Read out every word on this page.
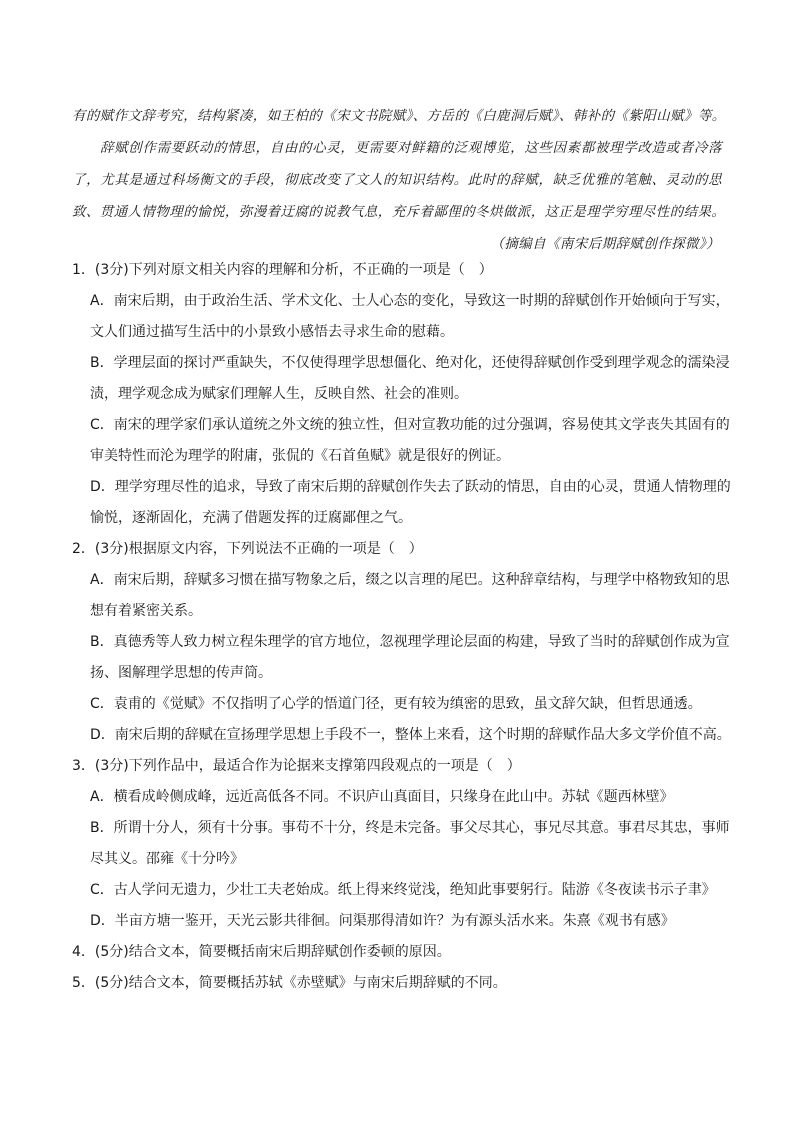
有的赋作文辞考究，结构紧凑，如王柏的《宋文书院赋》、方岳的《白鹿洞后赋》、韩补的《紫阳山赋》等。
辞赋创作需要跃动的情思，自由的心灵，更需要对鲜籍的泛观博览，这些因素都被理学改造或者冷落
了，尤其是通过科场衡文的手段，彻底改变了文人的知识结构。此时的辞赋，缺乏优雅的笔触、灵动的思
致、贯通人情物理的愉悦，弥漫着迂腐的说教气息，充斥着鄙俚的冬烘做派，这正是理学穷理尽性的结果。
（摘编自《南宋后期辞赋创作探微》）
1．(3分)下列对原文相关内容的理解和分析，不正确的一项是（　）
A．南宋后期，由于政治生活、学术文化、士人心态的变化，导致这一时期的辞赋创作开始倾向于写实，文人们通过描写生活中的小景致小感悟去寻求生命的慰藉。
B．学理层面的探讨严重缺失，不仅使得理学思想僵化、绝对化，还使得辞赋创作受到理学观念的濡染浸渍，理学观念成为赋家们理解人生，反映自然、社会的准则。
C．南宋的理学家们承认道统之外文统的独立性，但对宣教功能的过分强调，容易使其文学丧失其固有的审美特性而沦为理学的附庸，张侃的《石首鱼赋》就是很好的例证。
D．理学穷理尽性的追求，导致了南宋后期的辞赋创作失去了跃动的情思，自由的心灵，贯通人情物理的愉悦，逐渐固化，充满了借题发挥的迂腐鄙俚之气。
2．(3分)根据原文内容，下列说法不正确的一项是（　）
A．南宋后期，辞赋多习惯在描写物象之后，缀之以言理的尾巴。这种辞章结构，与理学中格物致知的思想有着紧密关系。
B．真德秀等人致力树立程朱理学的官方地位，忽视理学理论层面的构建，导致了当时的辞赋创作成为宣扬、图解理学思想的传声筒。
C．袁甫的《觉赋》不仅指明了心学的悟道门径，更有较为缜密的思致，虽文辞欠缺，但哲思通透。
D．南宋后期的辞赋在宣扬理学思想上手段不一，整体上来看，这个时期的辞赋作品大多文学价值不高。
3．(3分)下列作品中，最适合作为论据来支撑第四段观点的一项是（　）
A．横看成岭侧成峰，远近高低各不同。不识庐山真面目，只缘身在此山中。苏轼《题西林壁》
B．所谓十分人，须有十分事。事苟不十分，终是未完备。事父尽其心，事兄尽其意。事君尽其忠，事师尽其义。邵雍《十分吟》
C．古人学问无遗力，少壮工夫老始成。纸上得来终觉浅，绝知此事要躬行。陆游《冬夜读书示子聿》
D．半亩方塘一鉴开，天光云影共徘徊。问渠那得清如许？为有源头活水来。朱熹《观书有感》
4．(5分)结合文本，简要概括南宋后期辞赋创作委顿的原因。
5．(5分)结合文本，简要概括苏轼《赤壁赋》与南宋后期辞赋的不同。
